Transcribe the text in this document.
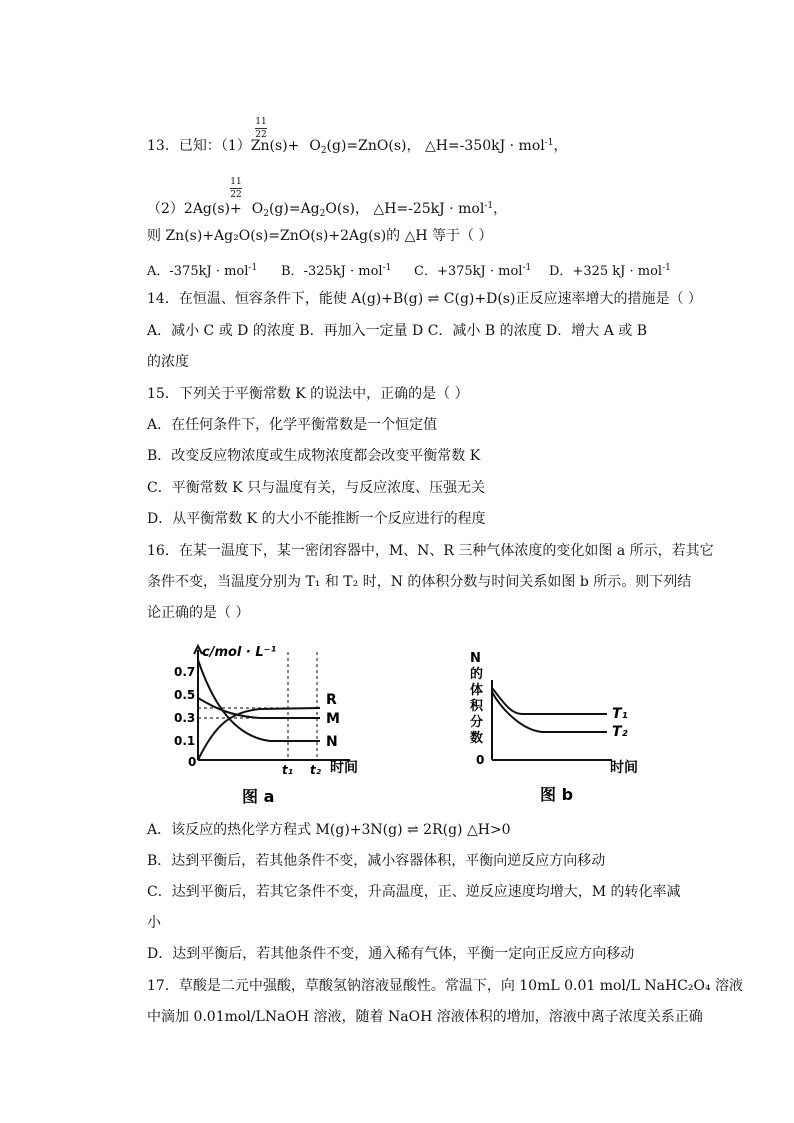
11
22
13．已知：$(1)Zn(s)+ O_2(g)=ZnO(s)$， △H=-350kJ · mol$^{-1}$，
11
22
$(2)2Ag(s)+ O_2(g)=Ag_2O(s)$， △H=-25kJ · mol$^{-1}$，
则 Zn(s)+Ag₂O(s)=ZnO(s)+2Ag(s)的 △H 等于（ ）
A．-375kJ · mol$^{-1}$ B．-325kJ · mol$^{-1}$ C．+375kJ · mol$^{-1}$ D．+325 kJ · mol$^{-1}$
14．在恒温、恒容条件下，能使 A(g)+B(g) ⇌ C(g)+D(s)正反应速率增大的措施是（ ）
A．减小 C 或 D 的浓度 B．再加入一定量 D C．减小 B 的浓度 D．增大 A 或 B
的浓度
15．下列关于平衡常数 K 的说法中，正确的是（ ）
A．在任何条件下，化学平衡常数是一个恒定值
B．改变反应物浓度或生成物浓度都会改变平衡常数 K
C．平衡常数 K 只与温度有关，与反应浓度、压强无关
D．从平衡常数 K 的大小不能推断一个反应进行的程度
16．在某一温度下，某一密闭容器中，M、N、R 三种气体浓度的变化如图 a 所示，若其它
条件不变，当温度分别为 T₁ 和 T₂ 时，N 的体积分数与时间关系如图 b 所示。则下列结
论正确的是（ ）
c/mol · L⁻¹
0.7
0.5
0.3
0.1
0
t₁ t₂ 时间
R
M
N
图 a
N
的
体
积
分
数
0	时间
T₁
T₂
图 b
A．该反应的热化学方程式 M(g)+3N(g) ⇌ 2R(g) △H>0
B．达到平衡后，若其他条件不变，减小容器体积，平衡向逆反应方向移动
C．达到平衡后，若其它条件不变，升高温度，正、逆反应速度均增大，M 的转化率减
小
D．达到平衡后，若其他条件不变，通入稀有气体，平衡一定向正反应方向移动
17．草酸是二元中强酸，草酸氢钠溶液显酸性。常温下，向 10mL 0.01 mol/L NaHC₂O₄ 溶液
中滴加 0.01mol/LNaOH 溶液，随着 NaOH 溶液体积的增加，溶液中离子浓度关系正确
